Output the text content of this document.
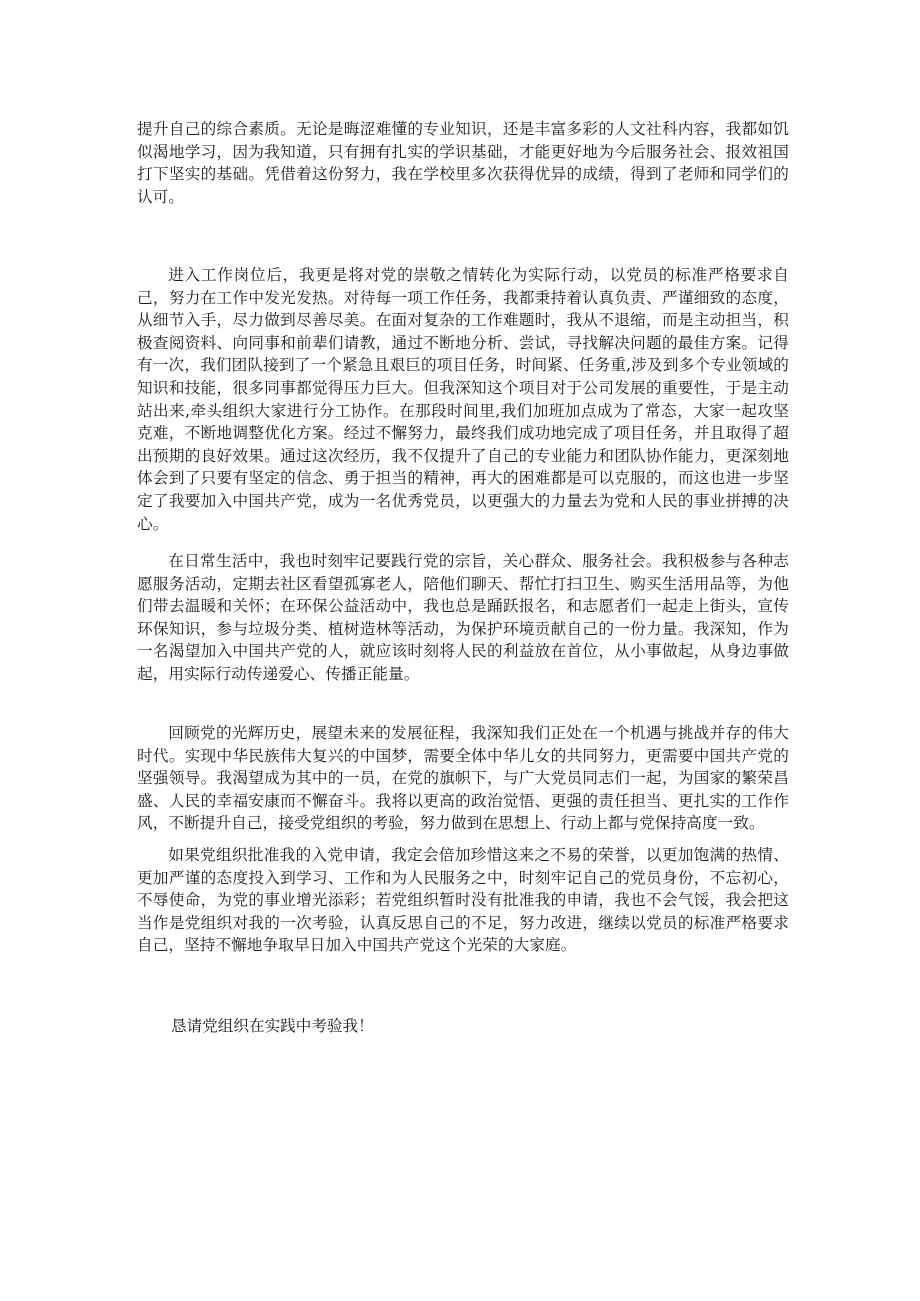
提升自己的综合素质。无论是晦涩难懂的专业知识，还是丰富多彩的人文社科内容，我都如饥似渴地学习，因为我知道，只有拥有扎实的学识基础，才能更好地为今后服务社会、报效祖国打下坚实的基础。凭借着这份努力，我在学校里多次获得优异的成绩，得到了老师和同学们的认可。

进入工作岗位后，我更是将对党的崇敬之情转化为实际行动，以党员的标准严格要求自己，努力在工作中发光发热。对待每一项工作任务，我都秉持着认真负责、严谨细致的态度，从细节入手，尽力做到尽善尽美。在面对复杂的工作难题时，我从不退缩，而是主动担当，积极查阅资料、向同事和前辈们请教，通过不断地分析、尝试，寻找解决问题的最佳方案。记得有一次，我们团队接到了一个紧急且艰巨的项目任务，时间紧、任务重,涉及到多个专业领域的知识和技能，很多同事都觉得压力巨大。但我深知这个项目对于公司发展的重要性，于是主动站出来,牵头组织大家进行分工协作。在那段时间里,我们加班加点成为了常态，大家一起攻坚克难，不断地调整优化方案。经过不懈努力，最终我们成功地完成了项目任务，并且取得了超出预期的良好效果。通过这次经历，我不仅提升了自己的专业能力和团队协作能力，更深刻地体会到了只要有坚定的信念、勇于担当的精神，再大的困难都是可以克服的，而这也进一步坚定了我要加入中国共产党，成为一名优秀党员，以更强大的力量去为党和人民的事业拼搏的决心。

在日常生活中，我也时刻牢记要践行党的宗旨，关心群众、服务社会。我积极参与各种志愿服务活动，定期去社区看望孤寡老人，陪他们聊天、帮忙打扫卫生、购买生活用品等，为他们带去温暖和关怀；在环保公益活动中，我也总是踊跃报名，和志愿者们一起走上街头，宣传环保知识，参与垃圾分类、植树造林等活动，为保护环境贡献自己的一份力量。我深知，作为一名渴望加入中国共产党的人，就应该时刻将人民的利益放在首位，从小事做起，从身边事做起，用实际行动传递爱心、传播正能量。

回顾党的光辉历史，展望未来的发展征程，我深知我们正处在一个机遇与挑战并存的伟大时代。实现中华民族伟大复兴的中国梦，需要全体中华儿女的共同努力，更需要中国共产党的坚强领导。我渴望成为其中的一员，在党的旗帜下，与广大党员同志们一起，为国家的繁荣昌盛、人民的幸福安康而不懈奋斗。我将以更高的政治觉悟、更强的责任担当、更扎实的工作作风，不断提升自己，接受党组织的考验，努力做到在思想上、行动上都与党保持高度一致。

如果党组织批准我的入党申请，我定会倍加珍惜这来之不易的荣誉，以更加饱满的热情、更加严谨的态度投入到学习、工作和为人民服务之中，时刻牢记自己的党员身份，不忘初心，不辱使命，为党的事业增光添彩；若党组织暂时没有批准我的申请，我也不会气馁，我会把这当作是党组织对我的一次考验，认真反思自己的不足，努力改进，继续以党员的标准严格要求自己，坚持不懈地争取早日加入中国共产党这个光荣的大家庭。

恳请党组织在实践中考验我！
